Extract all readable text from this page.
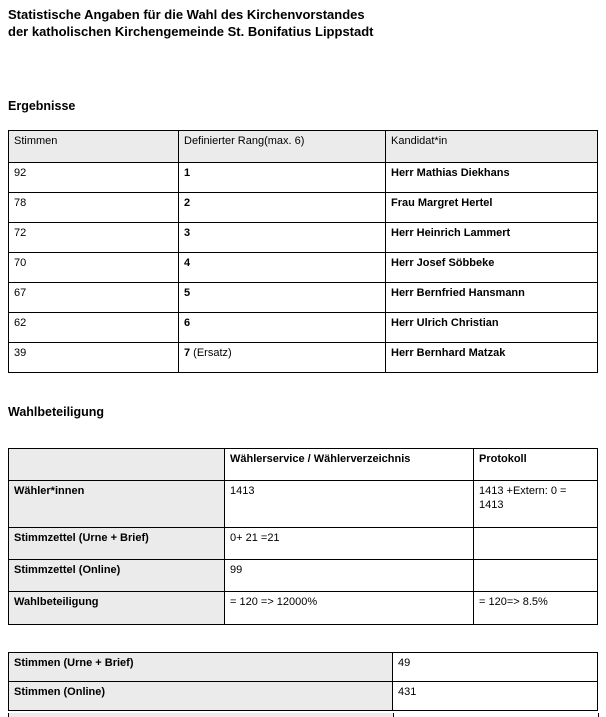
Statistische Angaben für die Wahl des Kirchenvorstandes
der katholischen Kirchengemeinde St. Bonifatius Lippstadt
Ergebnisse
Stimmen	Definierter Rang(max. 6)	Kandidat*in
92	1	Herr Mathias Diekhans
78	2	Frau Margret Hertel
72	3	Herr Heinrich Lammert
70	4	Herr Josef Söbbeke
67	5	Herr Bernfried Hansmann
62	6	Herr Ulrich Christian
39	7 (Ersatz)	Herr Bernhard Matzak
Wahlbeteiligung
	Wählerservice / Wählerverzeichnis	Protokoll
Wähler*innen	1413	1413 +Extern: 0 = 1413
Stimmzettel (Urne + Brief)	0+ 21 =21	
Stimmzettel (Online)	99	
Wahlbeteiligung	= 120 => 12000%	= 120=> 8.5%
Stimmen (Urne + Brief)	49
Stimmen (Online)	431
